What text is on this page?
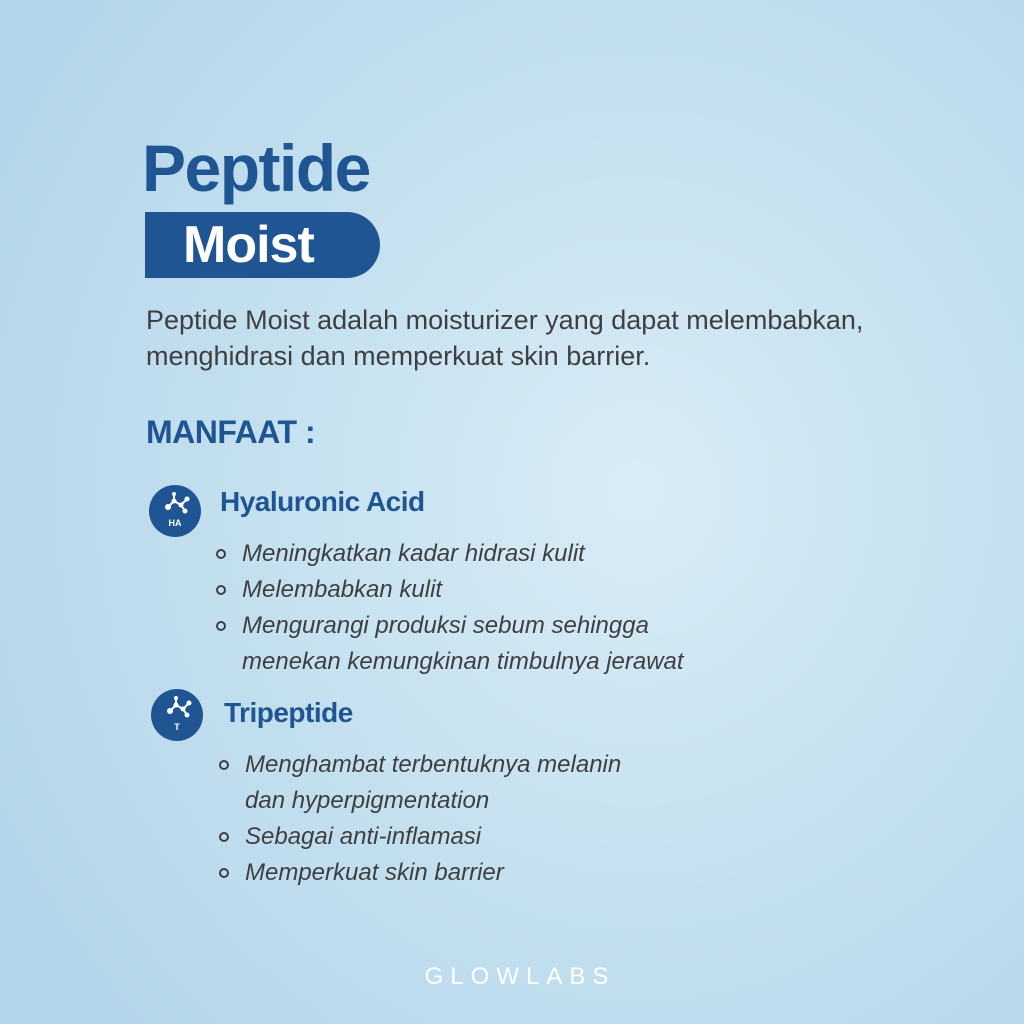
Peptide
Moist

Peptide Moist adalah moisturizer yang dapat melembabkan, menghidrasi dan memperkuat skin barrier.

MANFAAT :
HA
Hyaluronic Acid
Meningkatkan kadar hidrasi kulit
Melembabkan kulit
Mengurangi produksi sebum sehingga menekan kemungkinan timbulnya jerawat
T	Tripeptide
Menghambat terbentuknya melanin dan hyperpigmentation
Sebagai anti-inflamasi
Memperkuat skin barrier

GLOWLABS
